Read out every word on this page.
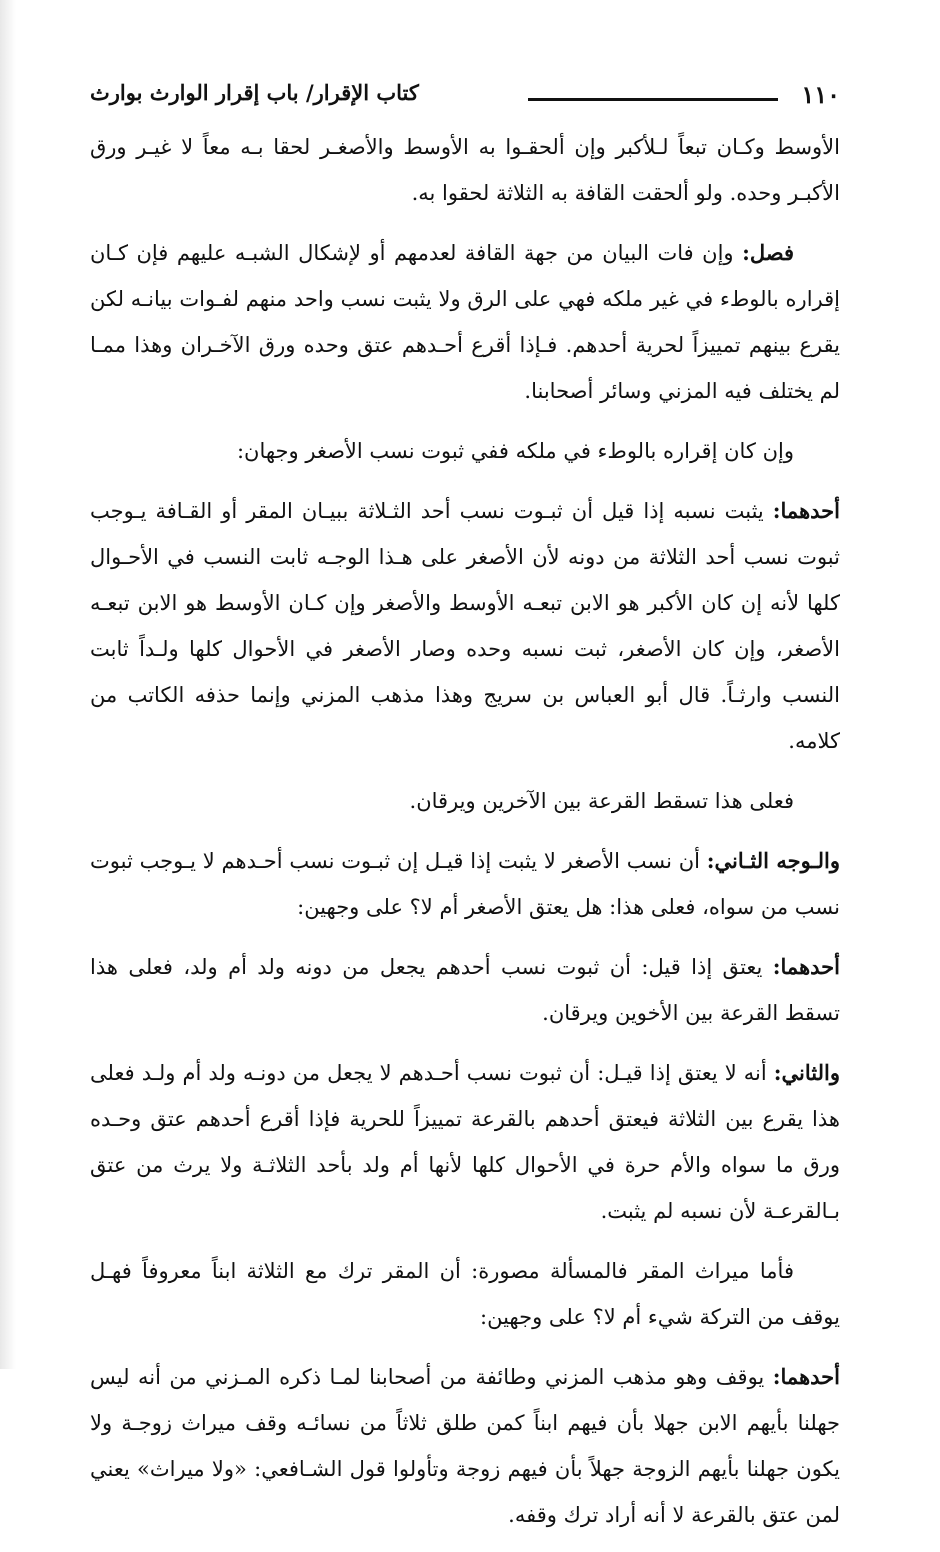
١١٠
كتاب الإقرار/ باب إقرار الوارث بوارث

الأوسط وكـان تبعاً لـلأكبر وإن ألحقـوا به الأوسط والأصغـر لحقا بـه معاً لا غيـر ورق الأكبـر وحده. ولو ألحقت القافة به الثلاثة لحقوا به.

فصل: وإن فات البيان من جهة القافة لعدمهم أو لإشكال الشبـه عليهم فإن كـان إقراره بالوطء في غير ملكه فهي على الرق ولا يثبت نسب واحد منهم لفـوات بيانـه لكن يقرع بينهم تمييزاً لحرية أحدهم. فـإذا أقرع أحـدهم عتق وحده ورق الآخـران وهذا ممـا لم يختلف فيه المزني وسائر أصحابنا.

وإن كان إقراره بالوطء في ملكه ففي ثبوت نسب الأصغر وجهان:

أحدهما: يثبت نسبه إذا قيل أن ثبـوت نسب أحد الثـلاثة ببيـان المقر أو القـافة يـوجب ثبوت نسب أحد الثلاثة من دونه لأن الأصغر على هـذا الوجـه ثابت النسب في الأحـوال كلها لأنه إن كان الأكبر هو الابن تبعـه الأوسط والأصغر وإن كـان الأوسط هو الابن تبعـه الأصغر، وإن كان الأصغر، ثبت نسبه وحده وصار الأصغر في الأحوال كلها ولـداً ثابت النسب وارثـاً. قال أبو العباس بن سريج وهذا مذهب المزني وإنما حذفه الكاتب من كلامه.

فعلى هذا تسقط القرعة بين الآخرين ويرقان.

والـوجه الثـاني: أن نسب الأصغر لا يثبت إذا قيـل إن ثبـوت نسب أحـدهم لا يـوجب ثبوت نسب من سواه، فعلى هذا: هل يعتق الأصغر أم لا؟ على وجهين:

أحدهما: يعتق إذا قيل: أن ثبوت نسب أحدهم يجعل من دونه ولد أم ولد، فعلى هذا تسقط القرعة بين الأخوين ويرقان.

والثاني: أنه لا يعتق إذا قيـل: أن ثبوت نسب أحـدهم لا يجعل من دونـه ولد أم ولـد فعلى هذا يقرع بين الثلاثة فيعتق أحدهم بالقرعة تمييزاً للحرية فإذا أقرع أحدهم عتق وحـده ورق ما سواه والأم حرة في الأحوال كلها لأنها أم ولد بأحد الثلاثـة ولا يرث من عتق بـالقرعـة لأن نسبه لم يثبت.

فأما ميراث المقر فالمسألة مصورة: أن المقر ترك مع الثلاثة ابناً معروفاً فهـل يوقف من التركة شيء أم لا؟ على وجهين:

أحدهما: يوقف وهو مذهب المزني وطائفة من أصحابنا لمـا ذكره المـزني من أنه ليس جهلنا بأيهم الابن جهلا بأن فيهم ابناً كمن طلق ثلاثاً من نسائـه وقف ميراث زوجـة ولا يكون جهلنا بأيهم الزوجة جهلاً بأن فيهم زوجة وتأولوا قول الشـافعي: «ولا ميراث» يعني لمن عتق بالقرعة لا أنه أراد ترك وقفه.
